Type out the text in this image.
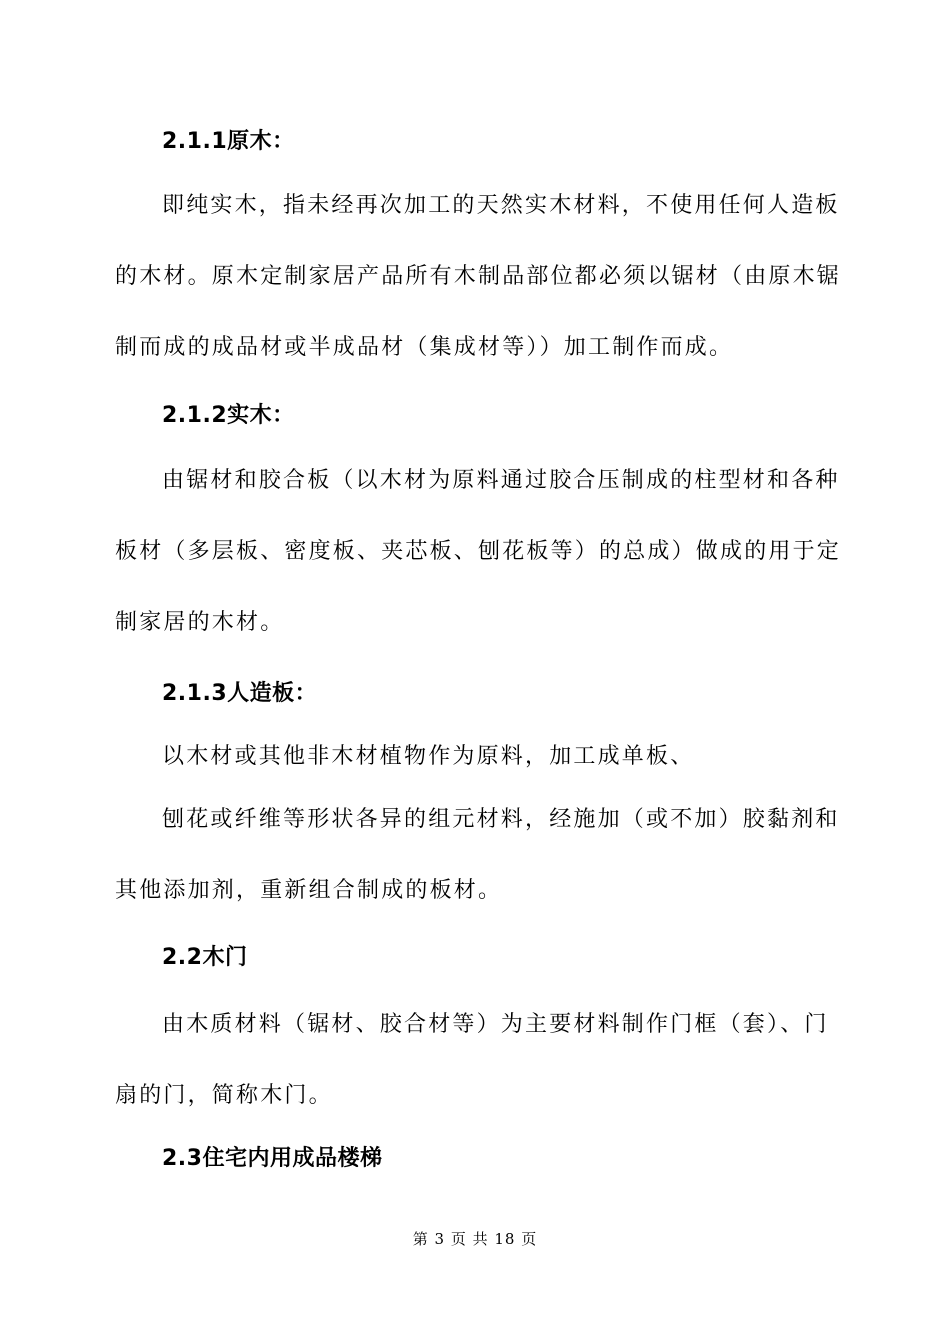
2.1.1原木：
即纯实木，指未经再次加工的天然实木材料，不使用任何人造板
的木材。原木定制家居产品所有木制品部位都必须以锯材（由原木锯
制而成的成品材或半成品材（集成材等））加工制作而成。
2.1.2实木：
由锯材和胶合板（以木材为原料通过胶合压制成的柱型材和各种
板材（多层板、密度板、夹芯板、刨花板等）的总成）做成的用于定
制家居的木材。
2.1.3人造板：
以木材或其他非木材植物作为原料，加工成单板、
刨花或纤维等形状各异的组元材料，经施加（或不加）胶黏剂和
其他添加剂，重新组合制成的板材。
2.2木门
由木质材料（锯材、胶合材等）为主要材料制作门框（套）、门
扇的门，简称木门。
2.3住宅内用成品楼梯
第 3 页 共 18 页
